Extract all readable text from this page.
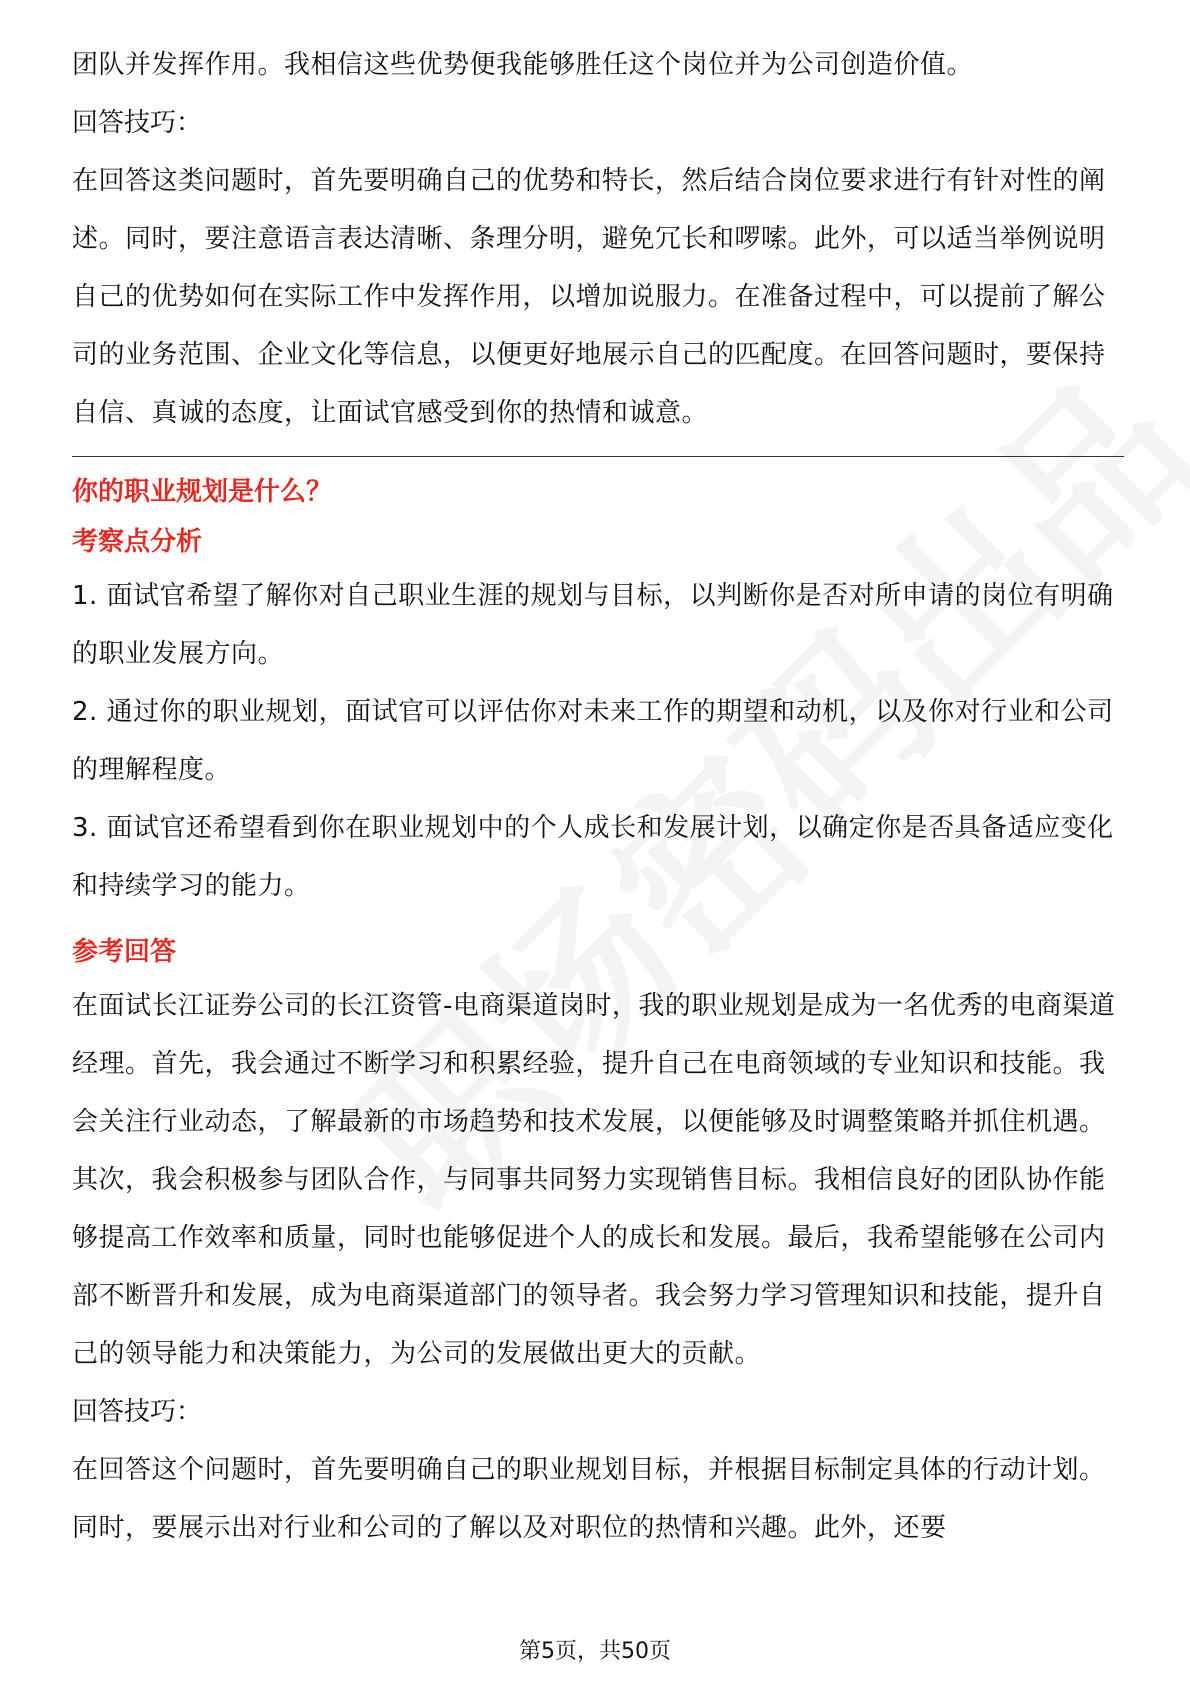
团队并发挥作用。我相信这些优势便我能够胜任这个岗位并为公司创造价值。

回答技巧：

在回答这类问题时，首先要明确自己的优势和特长，然后结合岗位要求进行有针对性的阐述。同时，要注意语言表达清晰、条理分明，避免冗长和啰嗦。此外，可以适当举例说明自己的优势如何在实际工作中发挥作用，以增加说服力。在准备过程中，可以提前了解公司的业务范围、企业文化等信息，以便更好地展示自己的匹配度。在回答问题时，要保持自信、真诚的态度，让面试官感受到你的热情和诚意。

你的职业规划是什么？

考察点分析

1. 面试官希望了解你对自己职业生涯的规划与目标，以判断你是否对所申请的岗位有明确的职业发展方向。

2. 通过你的职业规划，面试官可以评估你对未来工作的期望和动机，以及你对行业和公司的理解程度。

3. 面试官还希望看到你在职业规划中的个人成长和发展计划，以确定你是否具备适应变化和持续学习的能力。

参考回答

在面试长江证券公司的长江资管-电商渠道岗时，我的职业规划是成为一名优秀的电商渠道经理。首先，我会通过不断学习和积累经验，提升自己在电商领域的专业知识和技能。我会关注行业动态，了解最新的市场趋势和技术发展，以便能够及时调整策略并抓住机遇。其次，我会积极参与团队合作，与同事共同努力实现销售目标。我相信良好的团队协作能够提高工作效率和质量，同时也能够促进个人的成长和发展。最后，我希望能够在公司内部不断晋升和发展，成为电商渠道部门的领导者。我会努力学习管理知识和技能，提升自己的领导能力和决策能力，为公司的发展做出更大的贡献。

回答技巧：

在回答这个问题时，首先要明确自己的职业规划目标，并根据目标制定具体的行动计划。同时，要展示出对行业和公司的了解以及对职位的热情和兴趣。此外，还要

第5页，共50页
